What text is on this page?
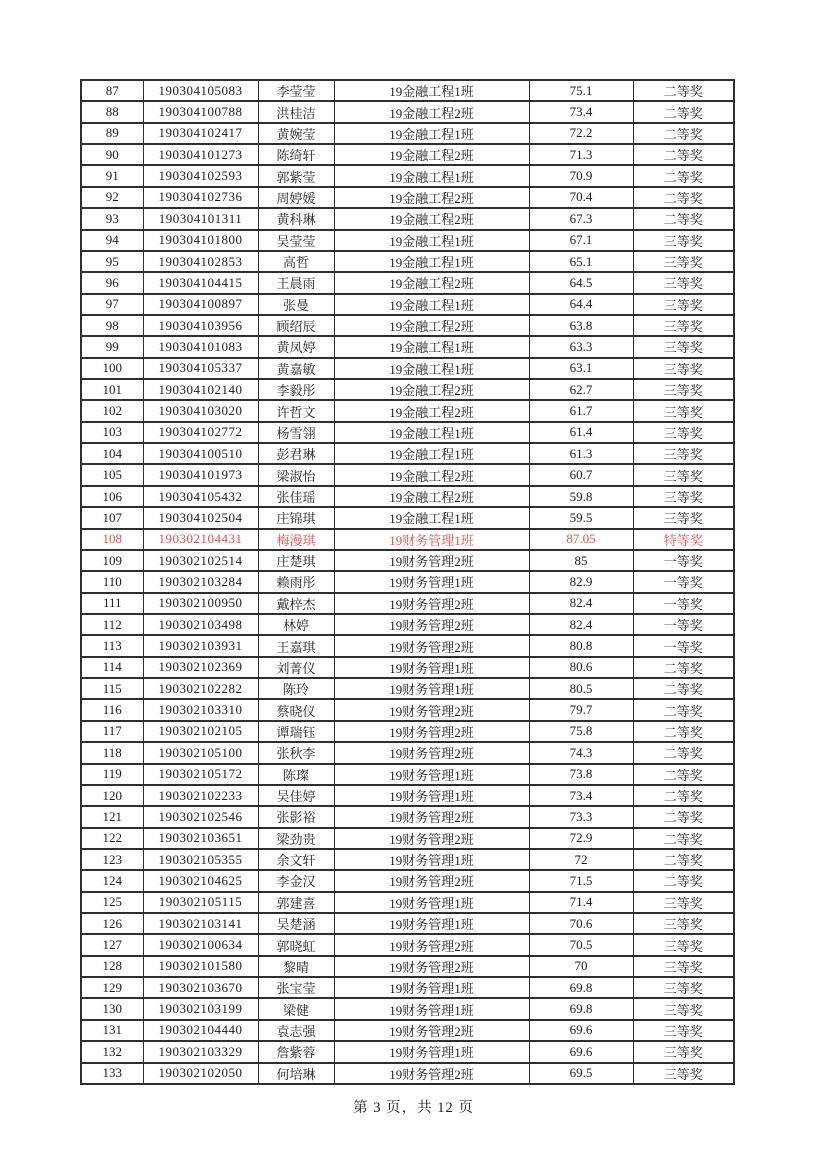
87	190304105083	李莹莹	19金融工程1班	75.1	二等奖
88	190304100788	洪桂洁	19金融工程2班	73.4	二等奖
89	190304102417	黄婉莹	19金融工程1班	72.2	二等奖
90	190304101273	陈绮轩	19金融工程2班	71.3	二等奖
91	190304102593	郭紫莹	19金融工程1班	70.9	二等奖
92	190304102736	周婷媛	19金融工程2班	70.4	二等奖
93	190304101311	黄科琳	19金融工程2班	67.3	二等奖
94	190304101800	吴莹莹	19金融工程1班	67.1	三等奖
95	190304102853	高哲	19金融工程1班	65.1	三等奖
96	190304104415	王晨雨	19金融工程2班	64.5	三等奖
97	190304100897	张曼	19金融工程1班	64.4	三等奖
98	190304103956	顾绍辰	19金融工程2班	63.8	三等奖
99	190304101083	黄凤婷	19金融工程1班	63.3	三等奖
100	190304105337	黄嘉敏	19金融工程1班	63.1	三等奖
101	190304102140	李毅彤	19金融工程2班	62.7	三等奖
102	190304103020	许哲文	19金融工程2班	61.7	三等奖
103	190304102772	杨雪翎	19金融工程1班	61.4	三等奖
104	190304100510	彭君琳	19金融工程1班	61.3	三等奖
105	190304101973	梁淑怡	19金融工程2班	60.7	三等奖
106	190304105432	张佳瑶	19金融工程2班	59.8	三等奖
107	190304102504	庄锦琪	19金融工程1班	59.5	三等奖
108	190302104431	梅漫琪	19财务管理1班	87.05	特等奖
109	190302102514	庄楚琪	19财务管理2班	85	一等奖
110	190302103284	赖雨彤	19财务管理1班	82.9	一等奖
111	190302100950	戴梓杰	19财务管理2班	82.4	一等奖
112	190302103498	林婷	19财务管理2班	82.4	一等奖
113	190302103931	王嘉琪	19财务管理2班	80.8	一等奖
114	190302102369	刘菁仪	19财务管理1班	80.6	二等奖
115	190302102282	陈玲	19财务管理1班	80.5	二等奖
116	190302103310	蔡晓仪	19财务管理2班	79.7	二等奖
117	190302102105	谭瑞钰	19财务管理2班	75.8	二等奖
118	190302105100	张秋李	19财务管理2班	74.3	二等奖
119	190302105172	陈璨	19财务管理1班	73.8	二等奖
120	190302102233	吴佳婷	19财务管理1班	73.4	二等奖
121	190302102546	张影裕	19财务管理2班	73.3	二等奖
122	190302103651	梁劲贵	19财务管理2班	72.9	二等奖
123	190302105355	余文轩	19财务管理1班	72	二等奖
124	190302104625	李金汉	19财务管理2班	71.5	二等奖
125	190302105115	郭建喜	19财务管理1班	71.4	三等奖
126	190302103141	吴楚涵	19财务管理1班	70.6	三等奖
127	190302100634	郭晓虹	19财务管理2班	70.5	三等奖
128	190302101580	黎晴	19财务管理2班	70	三等奖
129	190302103670	张宝莹	19财务管理1班	69.8	三等奖
130	190302103199	梁健	19财务管理1班	69.8	三等奖
131	190302104440	袁志强	19财务管理2班	69.6	三等奖
132	190302103329	詹紫蓉	19财务管理1班	69.6	三等奖
133	190302102050	何培琳	19财务管理2班	69.5	三等奖
第 3 页，共 12 页
